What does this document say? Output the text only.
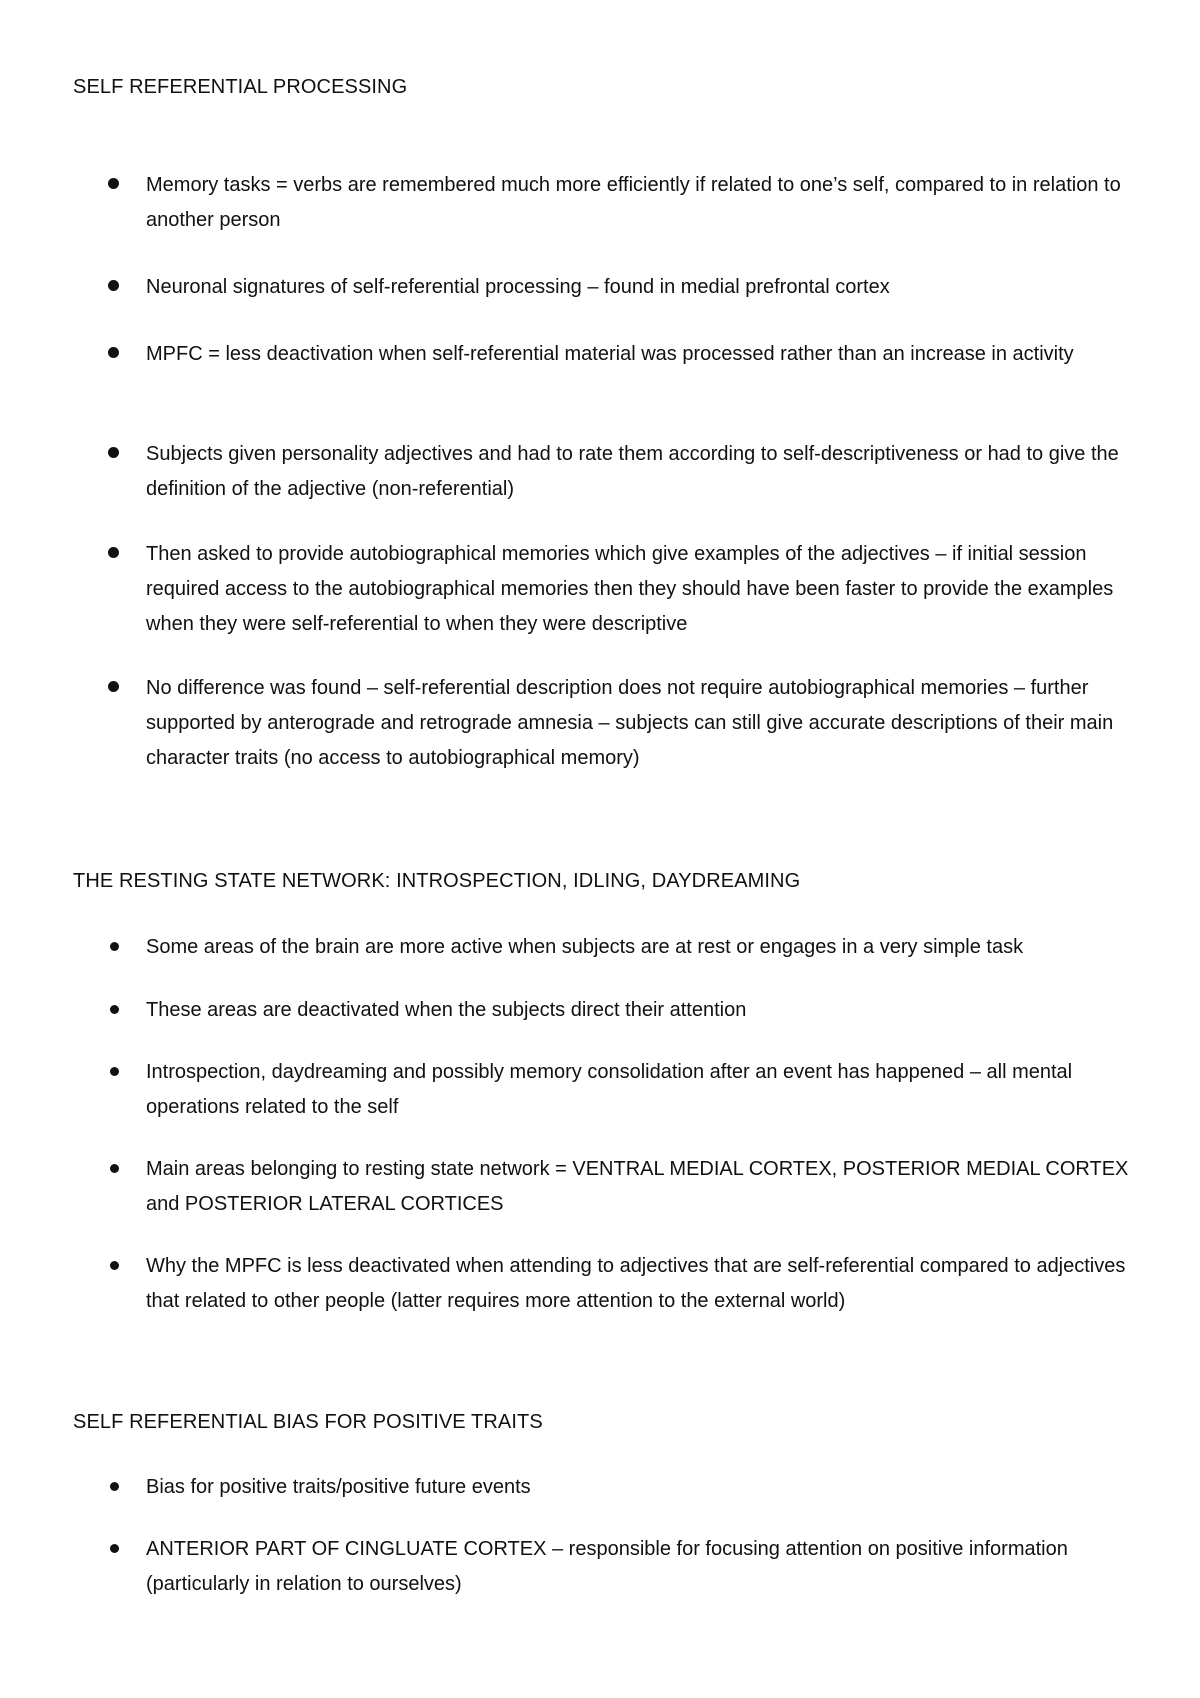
SELF REFERENTIAL PROCESSING
Memory tasks = verbs are remembered much more efficiently if related to one’s self, compared to in relation to another person
Neuronal signatures of self-referential processing – found in medial prefrontal cortex
MPFC = less deactivation when self-referential material was processed rather than an increase in activity
Subjects given personality adjectives and had to rate them according to self-descriptiveness or had to give the definition of the adjective (non-referential)
Then asked to provide autobiographical memories which give examples of the adjectives – if initial session required access to the autobiographical memories then they should have been faster to provide the examples when they were self-referential to when they were descriptive
No difference was found – self-referential description does not require autobiographical memories – further supported by anterograde and retrograde amnesia – subjects can still give accurate descriptions of their main character traits (no access to autobiographical memory)
THE RESTING STATE NETWORK: INTROSPECTION, IDLING, DAYDREAMING
Some areas of the brain are more active when subjects are at rest or engages in a very simple task
These areas are deactivated when the subjects direct their attention
Introspection, daydreaming and possibly memory consolidation after an event has happened – all mental operations related to the self
Main areas belonging to resting state network = VENTRAL MEDIAL CORTEX, POSTERIOR MEDIAL CORTEX and POSTERIOR LATERAL CORTICES
Why the MPFC is less deactivated when attending to adjectives that are self-referential compared to adjectives that related to other people (latter requires more attention to the external world)
SELF REFERENTIAL BIAS FOR POSITIVE TRAITS
Bias for positive traits/positive future events
ANTERIOR PART OF CINGLUATE CORTEX – responsible for focusing attention on positive information (particularly in relation to ourselves)
